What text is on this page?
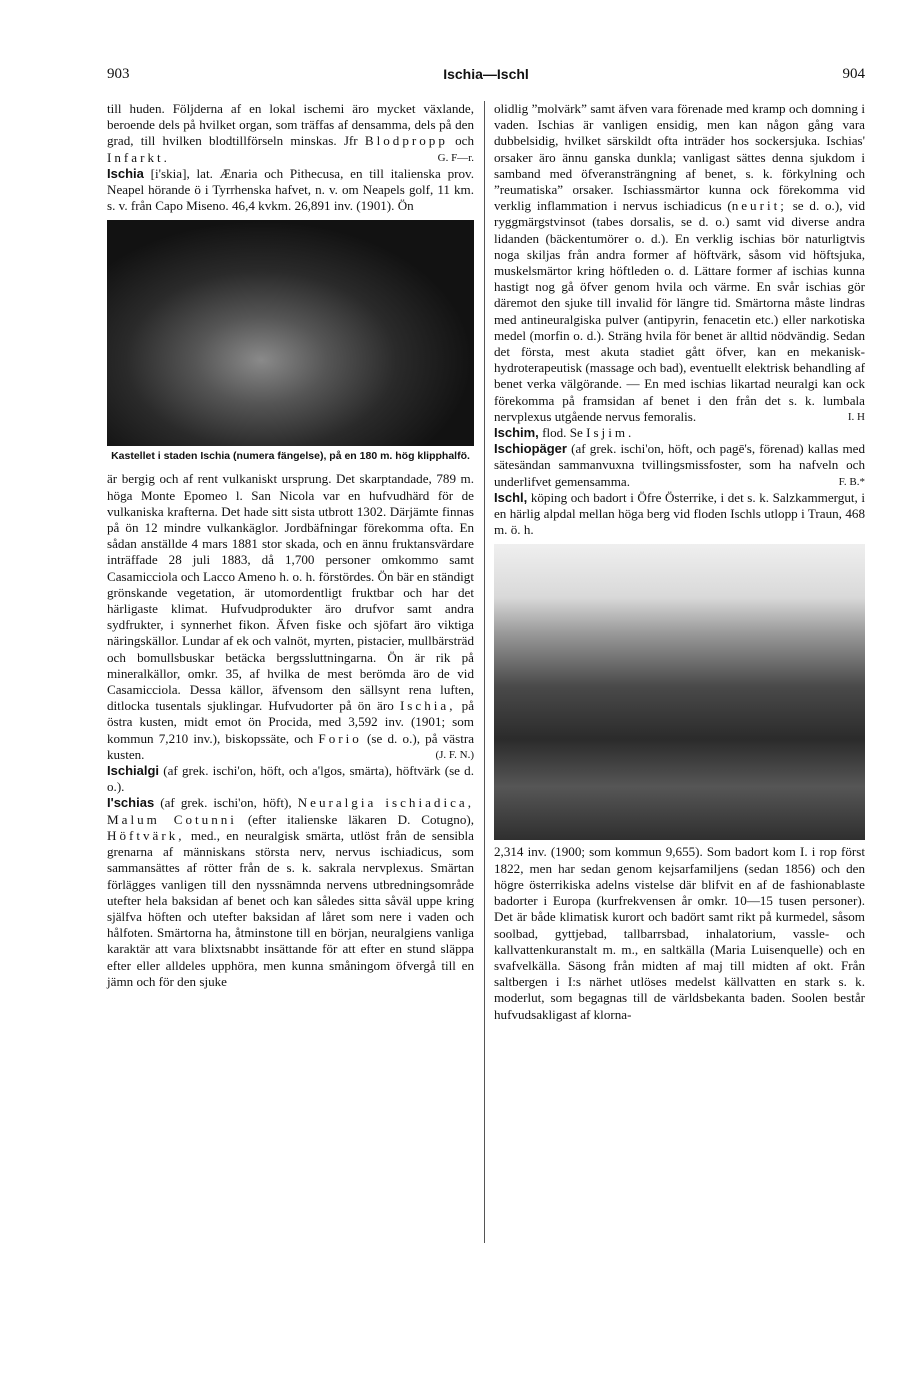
903	Ischia—Ischl	904

till huden. Följderna af en lokal ischemi äro mycket växlande, beroende dels på hvilket organ, som träffas af densamma, dels på den grad, till hvilken blodtillförseln minskas. Jfr Blodpropp och Infarkt.	G. F—r.

Ischia [i'skia], lat. Ænaria och Pithecusa, en till italienska prov. Neapel hörande ö i Tyrrhenska hafvet, n. v. om Neapels golf, 11 km. s. v. från Capo Miseno. 46,4 kvkm. 26,891 inv. (1901). Ön

Kastellet i staden Ischia (numera fängelse), på en 180 m. hög klipphalfö.

är bergig och af rent vulkaniskt ursprung. Det skarptandade, 789 m. höga Monte Epomeo l. San Nicola var en hufvudhärd för de vulkaniska krafterna. Det hade sitt sista utbrott 1302. Därjämte finnas på ön 12 mindre vulkankäglor. Jordbäfningar förekomma ofta. En sådan anställde 4 mars 1881 stor skada, och en ännu fruktansvärdare inträffade 28 juli 1883, då 1,700 personer omkommo samt Casamicciola och Lacco Ameno h. o. h. förstördes. Ön bär en ständigt grönskande vegetation, är utomordentligt fruktbar och har det härligaste klimat. Hufvudprodukter äro drufvor samt andra sydfrukter, i synnerhet fikon. Äfven fiske och sjöfart äro viktiga näringskällor. Lundar af ek och valnöt, myrten, pistacier, mullbärsträd och bomullsbuskar betäcka bergssluttningarna. Ön är rik på mineralkällor, omkr. 35, af hvilka de mest berömda äro de vid Casamicciola. Dessa källor, äfvensom den sällsynt rena luften, ditlocka tusentals sjuklingar. Hufvudorter på ön äro Ischia, på östra kusten, midt emot ön Procida, med 3,592 inv. (1901; som kommun 7,210 inv.), biskopssäte, och Forio (se d. o.), på västra kusten.	(J. F. N.)

Ischialgi (af grek. ischi'on, höft, och a'lgos, smärta), höftvärk (se d. o.).

I'schias (af grek. ischi'on, höft), Neuralgia ischiadica, Malum Cotunni (efter italienske läkaren D. Cotugno), Höftvärk, med., en neuralgisk smärta, utlöst från de sensibla grenarna af människans största nerv, nervus ischiadicus, som sammansättes af rötter från de s. k. sakrala nervplexus. Smärtan förlägges vanligen till den nyssnämnda nervens utbredningsområde utefter hela baksidan af benet och kan således sitta såväl uppe kring själfva höften och utefter baksidan af låret som nere i vaden och hålfoten. Smärtorna ha, åtminstone till en början, neuralgiens vanliga karaktär att vara blixtsnabbt insättande för att efter en stund släppa efter eller alldeles upphöra, men kunna småningom öfvergå till en jämn och för den sjuke

olidlig ”molvärk” samt äfven vara förenade med kramp och domning i vaden. Ischias är vanligen ensidig, men kan någon gång vara dubbelsidig, hvilket särskildt ofta inträder hos sockersjuka. Ischias' orsaker äro ännu ganska dunkla; vanligast sättes denna sjukdom i samband med öfveransträngning af benet, s. k. förkylning och ”reumatiska” orsaker. Ischiassmärtor kunna ock förekomma vid verklig inflammation i nervus ischiadicus (neurit; se d. o.), vid ryggmärgstvinsot (tabes dorsalis, se d. o.) samt vid diverse andra lidanden (bäckentumörer o. d.). En verklig ischias bör naturligtvis noga skiljas från andra former af höftvärk, såsom vid höftsjuka, muskelsmärtor kring höftleden o. d. Lättare former af ischias kunna hastigt nog gå öfver genom hvila och värme. En svår ischias gör däremot den sjuke till invalid för längre tid. Smärtorna måste lindras med antineuralgiska pulver (antipyrin, fenacetin etc.) eller narkotiska medel (morfin o. d.). Sträng hvila för benet är alltid nödvändig. Sedan det första, mest akuta stadiet gått öfver, kan en mekanisk-hydroterapeutisk (massage och bad), eventuellt elektrisk behandling af benet verka välgörande. — En med ischias likartad neuralgi kan ock förekomma på framsidan af benet i den från det s. k. lumbala nervplexus utgående nervus femoralis.	I. H

Ischim, flod. Se Isjim.

Ischiopäger (af grek. ischi'on, höft, och pagē's, förenad) kallas med sätesändan sammanvuxna tvillingsmissfoster, som ha nafveln och underlifvet gemensamma.	F. B.*

Ischl, köping och badort i Öfre Österrike, i det s. k. Salzkammergut, i en härlig alpdal mellan höga berg vid floden Ischls utlopp i Traun, 468 m. ö. h.

2,314 inv. (1900; som kommun 9,655). Som badort kom I. i rop först 1822, men har sedan genom kejsarfamiljens (sedan 1856) och den högre österrikiska adelns vistelse där blifvit en af de fashionablaste badorter i Europa (kurfrekvensen år omkr. 10—15 tusen personer). Det är både klimatisk kurort och badört samt rikt på kurmedel, såsom soolbad, gyttjebad, tallbarrsbad, inhalatorium, vassle- och kallvattenkuranstalt m. m., en saltkälla (Maria Luisenquelle) och en svafvelkälla. Säsong från midten af maj till midten af okt. Från saltbergen i I:s närhet utlöses medelst källvatten en stark s. k. moderlut, som begagnas till de världsbekanta baden. Soolen består hufvudsakligast af klorna-
